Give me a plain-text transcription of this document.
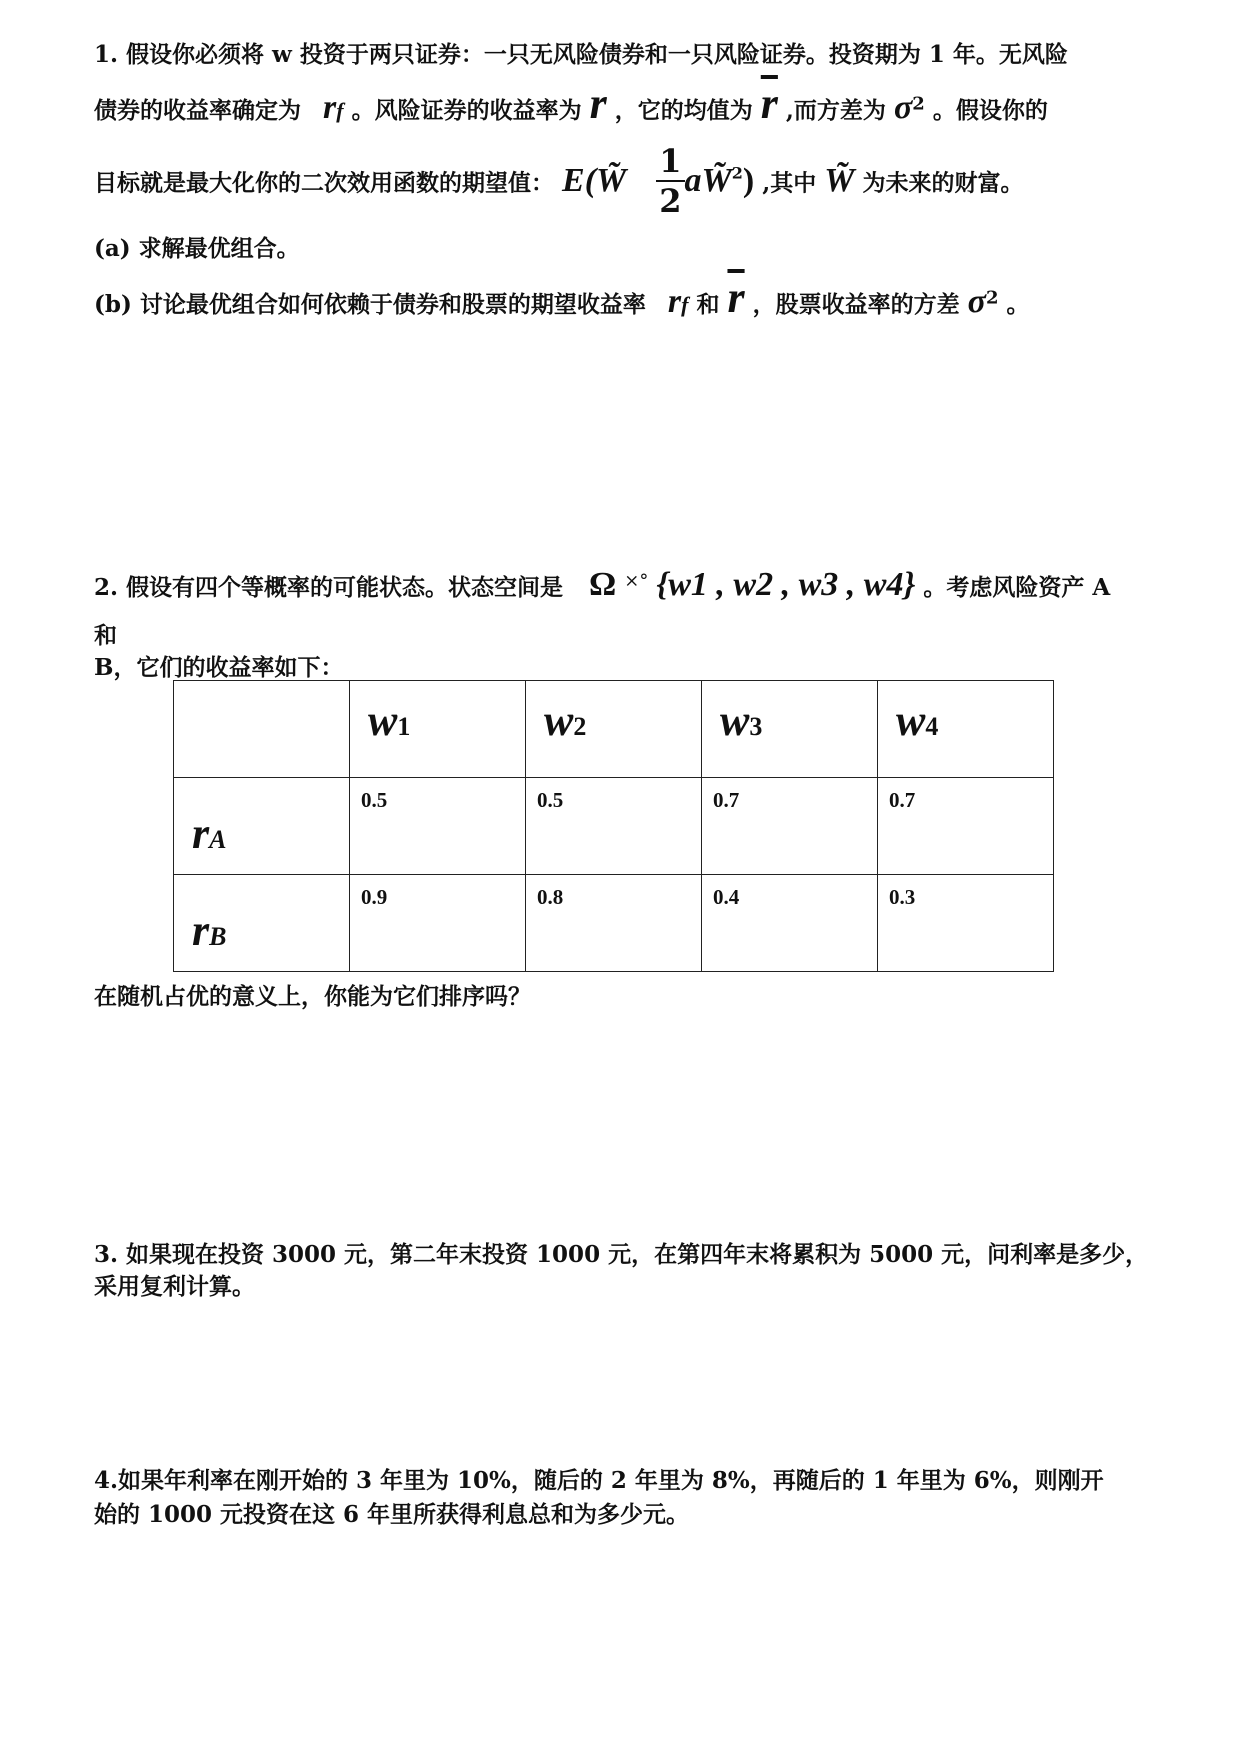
1. 假设你必须将 w 投资于两只证券：一只无风险债券和一只风险证券。投资期为 1 年。无风险
债券的收益率确定为 rf 。风险证券的收益率为 r ，它的均值为 $\overline{r}$ ,而方差为 $\sigma^2$ 。假设你的
目标就是最大化你的二次效用函数的期望值： E(W̃ $\frac{1}{2}$ aW̃$^2$) ,其中 W̃ 为未来的财富。
(a) 求解最优组合。
(b) 讨论最优组合如何依赖于债券和股票的期望收益率 rf 和 $\overline{r}$ ，股票收益率的方差 $\sigma^2$ 。
2. 假设有四个等概率的可能状态。状态空间是 Ω ×° {w1 , w2 , w3 , w4} 。考虑风险资产 A
和
B，它们的收益率如下：

	w1	w2	w3	w4

rA	0.5	0.5	0.7	0.7

rB	0.9	0.8	0.4	0.3
在随机占优的意义上，你能为它们排序吗？
3. 如果现在投资 3000 元，第二年末投资 1000 元，在第四年末将累积为 5000 元，问利率是多少，
采用复利计算。
4.如果年利率在刚开始的 3 年里为 10%，随后的 2 年里为 8%，再随后的 1 年里为 6%，则刚开
始的 1000 元投资在这 6 年里所获得利息总和为多少元。
